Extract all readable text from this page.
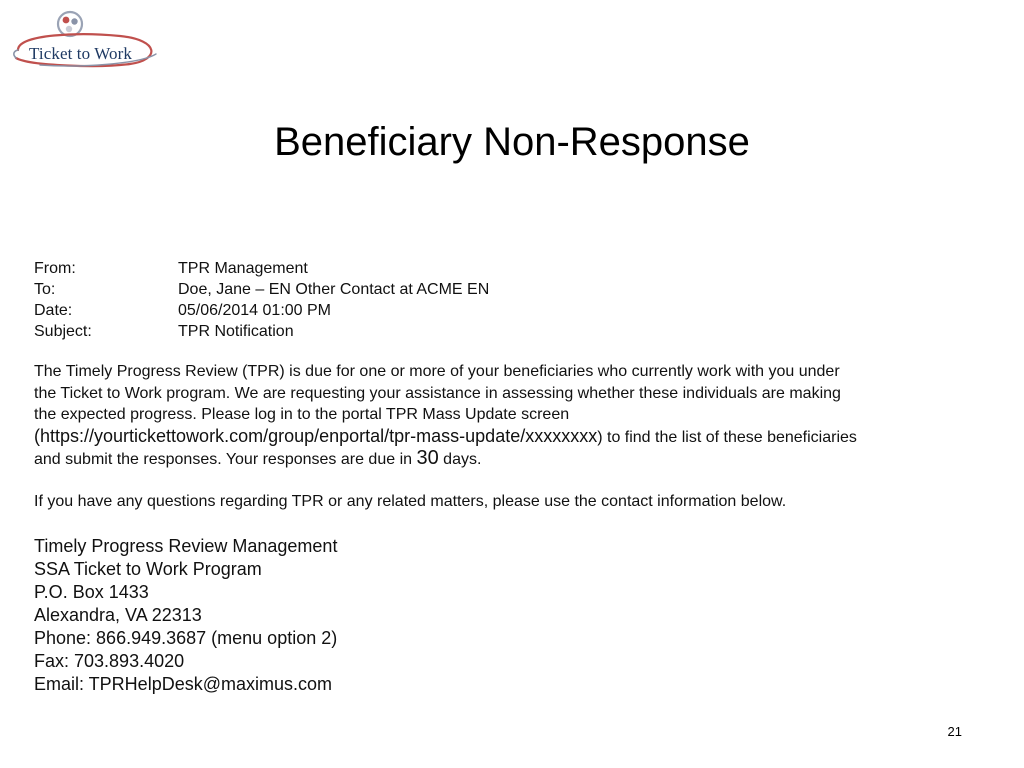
Ticket to Work
Beneficiary Non-Response
From:	TPR Management
To:	Doe, Jane – EN Other Contact at ACME EN
Date:	05/06/2014 01:00 PM
Subject:	TPR Notification
The Timely Progress Review (TPR) is due for one or more of your beneficiaries who currently work with you under
the Ticket to Work program. We are requesting your assistance in assessing whether these individuals are making
the expected progress. Please log in to the portal TPR Mass Update screen
(https://yourtickettowork.com/group/enportal/tpr-mass-update/xxxxxxxx) to find the list of these beneficiaries
and submit the responses. Your responses are due in 30 days.
If you have any questions regarding TPR or any related matters, please use the contact information below.
Timely Progress Review Management
SSA Ticket to Work Program
P.O. Box 1433
Alexandra, VA 22313
Phone: 866.949.3687 (menu option 2)
Fax: 703.893.4020
Email: TPRHelpDesk@maximus.com
21
